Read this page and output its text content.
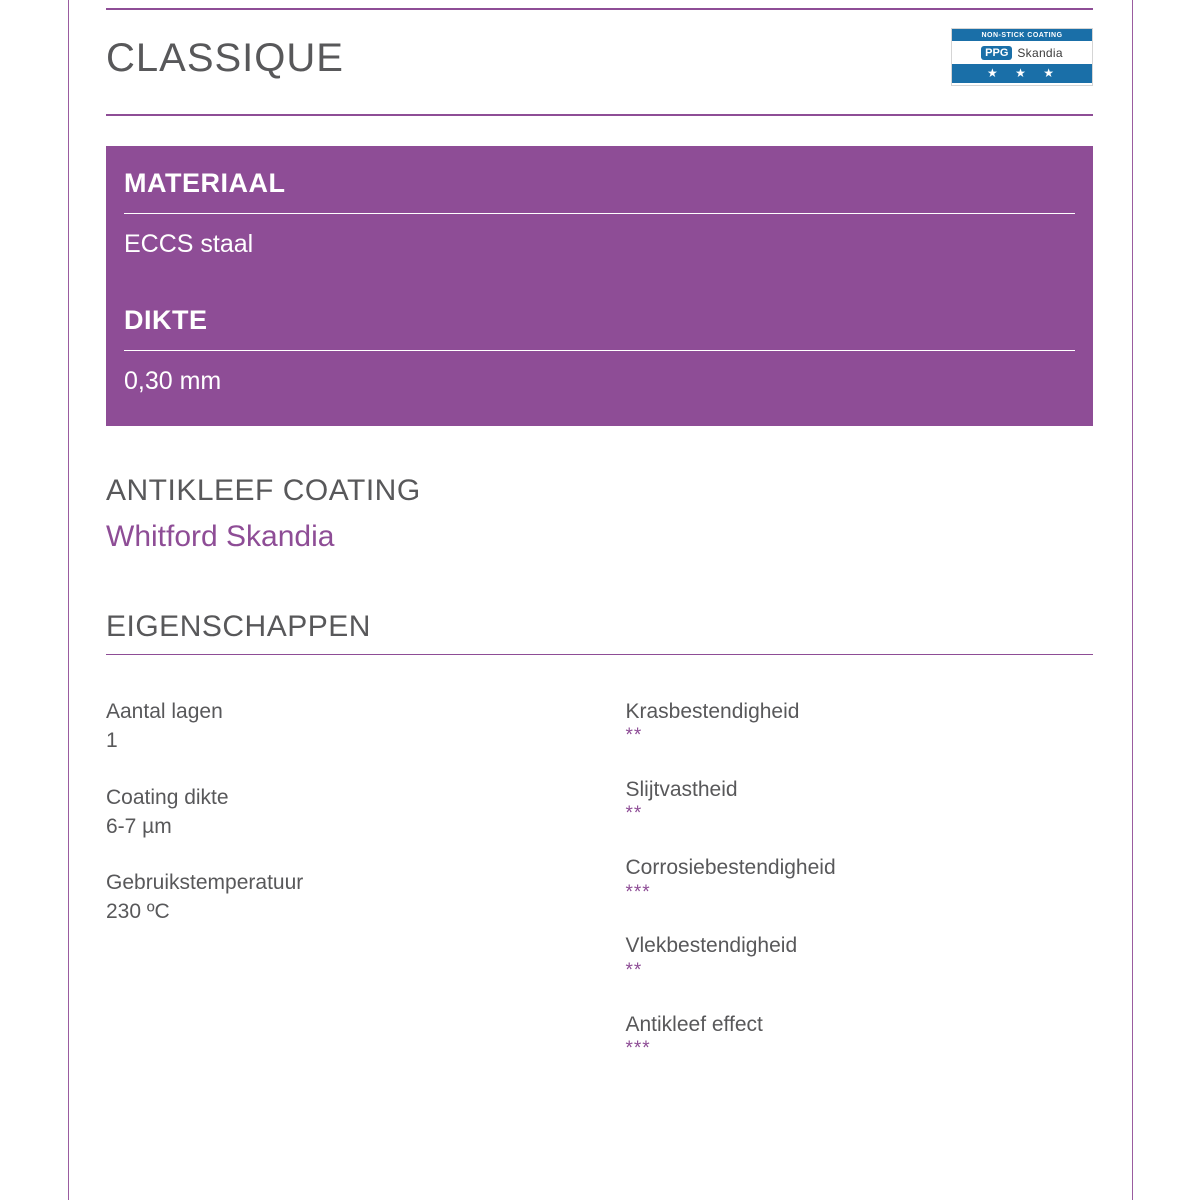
CLASSIQUE
NON-STICK COATING
PPG Skandia
★ ★ ★
MATERIAAL
ECCS staal
DIKTE
0,30 mm
ANTIKLEEF COATING
Whitford Skandia
EIGENSCHAPPEN
Aantal lagen
1
Coating dikte
6-7 µm
Gebruikstemperatuur
230 ºC
Krasbestendigheid
**
Slijtvastheid
**
Corrosiebestendigheid
***
Vlekbestendigheid
**
Antikleef effect
***
